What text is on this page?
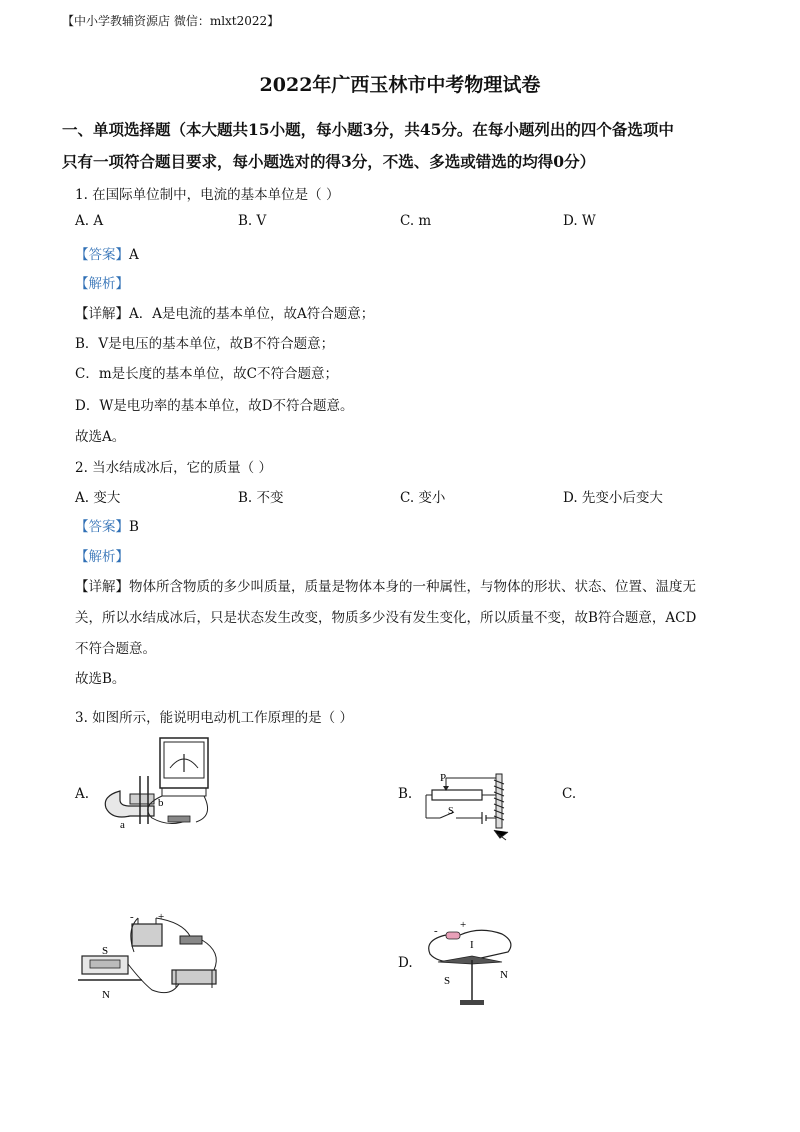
【中小学教辅资源店 微信：mlxt2022】
2022年广西玉林市中考物理试卷
一、单项选择题（本大题共15小题，每小题3分，共45分。在每小题列出的四个备选项中
只有一项符合题目要求，每小题选对的得3分，不选、多选或错选的均得0分）
1. 在国际单位制中，电流的基本单位是（ ）
A. A	B. V	C. m	D. W
【答案】A
【解析】
【详解】A．A是电流的基本单位，故A符合题意；
B．V是电压的基本单位，故B不符合题意；
C．m是长度的基本单位，故C不符合题意；
D．W是电功率的基本单位，故D不符合题意。
故选A。
2. 当水结成冰后，它的质量（ ）
A. 变大	B. 不变	C. 变小	D. 先变小后变大
【答案】B
【解析】
【详解】物体所含物质的多少叫质量，质量是物体本身的一种属性，与物体的形状、状态、位置、温度无
关，所以水结成冰后，只是状态发生改变，物质多少没有发生变化，所以质量不变，故B符合题意，ACD
不符合题意。
故选B。
3. 如图所示，能说明电动机工作原理的是（ ）
A.	B.	C.
D.
b
a
P
S
- +
S
N
- +
I
S	N
